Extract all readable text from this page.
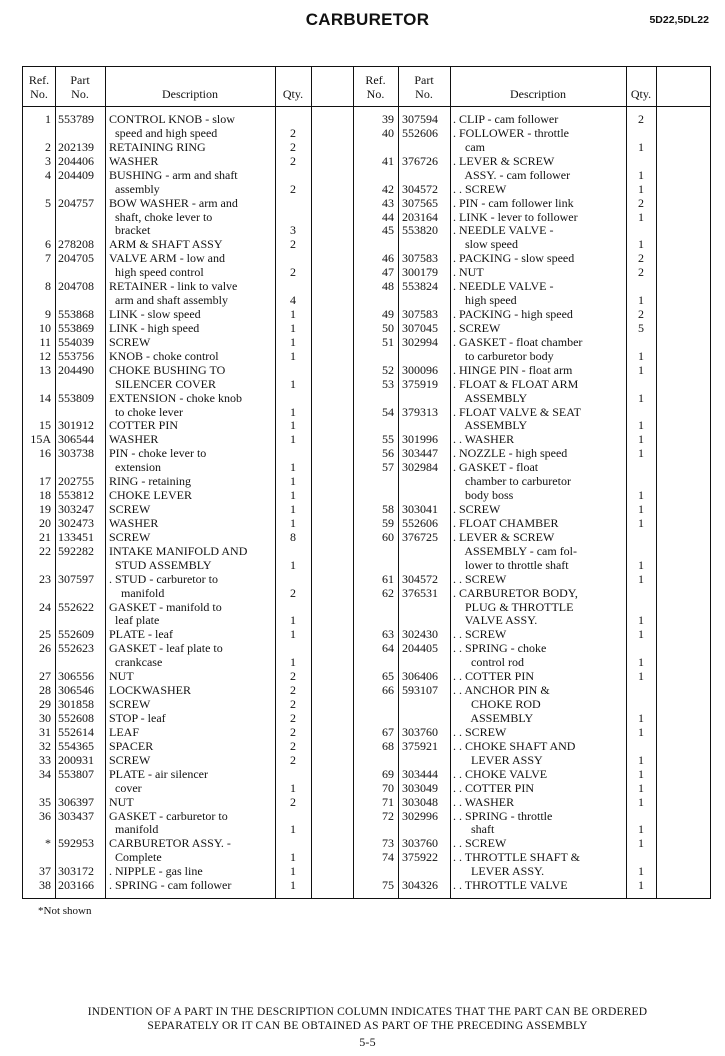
CARBURETOR	5D22,5DL22
Ref.
No.
Part
No.	Description	Qty.
Ref.
No.
Part
No.	Description	Qty.
1 553789	CONTROL KNOB - slow
speed and high speed	2
2 202139	RETAINING RING	2
3 204406	WASHER	2
4 204409	BUSHING - arm and shaft
assembly	2
5 204757	BOW WASHER - arm and
shaft, choke lever to
bracket	3
6 278208	ARM & SHAFT ASSY	2
7 204705	VALVE ARM - low and
high speed control	2
8 204708	RETAINER - link to valve
arm and shaft assembly	4
9 553868	LINK - slow speed	1
10 553869	LINK - high speed	1
11 554039	SCREW	1
12 553756	KNOB - choke control	1
13 204490	CHOKE BUSHING TO
SILENCER COVER	1
14 553809	EXTENSION - choke knob
to choke lever	1
15 301912	COTTER PIN	1
15A 306544	WASHER	1
16 303738	PIN - choke lever to
extension	1
17 202755	RING - retaining	1
18 553812	CHOKE LEVER	1
19 303247	SCREW	1
20 302473	WASHER	1
21 133451	SCREW	8
22 592282	INTAKE MANIFOLD AND
STUD ASSEMBLY	1
23 307597	. STUD - carburetor to
manifold	2
24 552622	GASKET - manifold to
leaf plate	1
25 552609	PLATE - leaf	1
26 552623	GASKET - leaf plate to
crankcase	1
27 306556	NUT	2
28 306546	LOCKWASHER	2
29 301858	SCREW	2
30 552608	STOP - leaf	2
31 552614	LEAF	2
32 554365	SPACER	2
33 200931	SCREW	2
34 553807	PLATE - air silencer
cover	1
35 306397	NUT	2
36 303437	GASKET - carburetor to
manifold	1
* 592953	CARBURETOR ASSY. -
Complete	1
37 303172	. NIPPLE - gas line	1
38 203166	. SPRING - cam follower	1
39 307594	. CLIP - cam follower	2
40 552606	. FOLLOWER - throttle
cam	1
41 376726	. LEVER & SCREW
ASSY. - cam follower	1
42 304572	. . SCREW	1
43 307565	. PIN - cam follower link	2
44 203164	. LINK - lever to follower	1
45 553820	. NEEDLE VALVE -
slow speed	1
46 307583	. PACKING - slow speed	2
47 300179	. NUT	2
48 553824	. NEEDLE VALVE -
high speed	1
49 307583	. PACKING - high speed	2
50 307045	. SCREW	5
51 302994	. GASKET - float chamber
to carburetor body	1
52 300096	. HINGE PIN - float arm	1
53 375919	. FLOAT & FLOAT ARM
ASSEMBLY	1
54 379313	. FLOAT VALVE & SEAT
ASSEMBLY	1
55 301996	. . WASHER	1
56 303447	. NOZZLE - high speed	1
57 302984	. GASKET - float
chamber to carburetor
body boss	1
58 303041	. SCREW	1
59 552606	. FLOAT CHAMBER	1
60 376725	. LEVER & SCREW
ASSEMBLY - cam fol-
lower to throttle shaft	1
61 304572	. . SCREW	1
62 376531	. CARBURETOR BODY,
PLUG & THROTTLE
VALVE ASSY.	1
63 302430	. . SCREW	1
64 204405	. . SPRING - choke
control rod	1
65 306406	. . COTTER PIN	1
66 593107	. . ANCHOR PIN &
CHOKE ROD
ASSEMBLY	1
67 303760	. . SCREW	1
68 375921	. . CHOKE SHAFT AND
LEVER ASSY	1
69 303444	. . CHOKE VALVE	1
70 303049	. . COTTER PIN	1
71 303048	. . WASHER	1
72 302996	. . SPRING - throttle
shaft	1
73 303760	. . SCREW	1
74 375922	. . THROTTLE SHAFT &
LEVER ASSY.	1
75 304326	. . THROTTLE VALVE	1
*Not shown
INDENTION OF A PART IN THE DESCRIPTION COLUMN INDICATES THAT THE PART CAN BE ORDERED
SEPARATELY OR IT CAN BE OBTAINED AS PART OF THE PRECEDING ASSEMBLY
5-5
